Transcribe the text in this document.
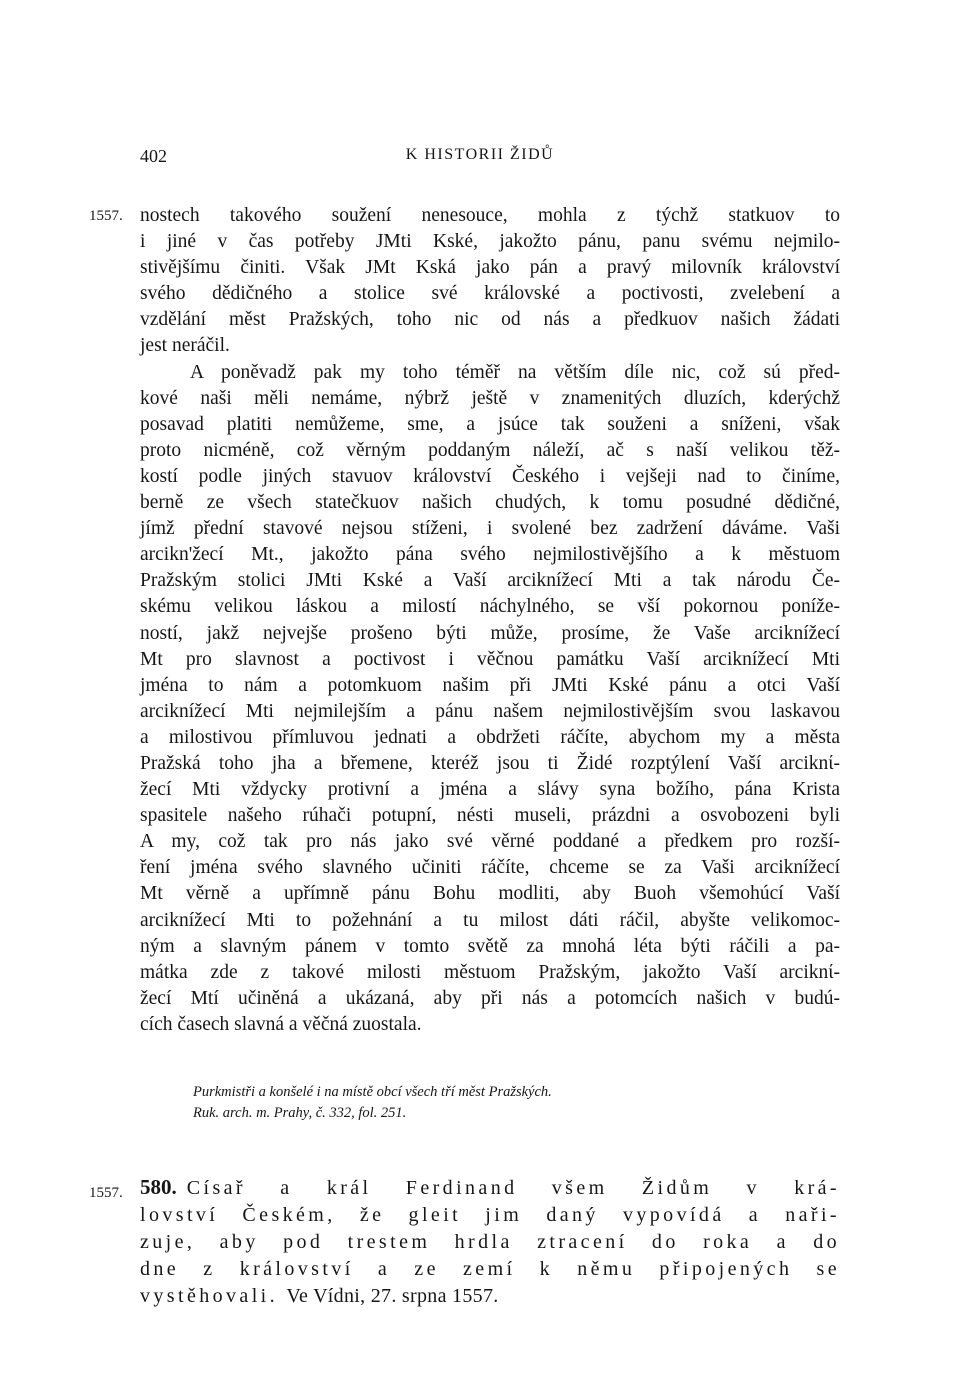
402	K HISTORII ŽIDŮ
1557.
1557.
nostech takového soužení nenesouce, mohla z týchž statkuov to
i jiné v čas potřeby JMti Kské, jakožto pánu, panu svému nejmilo-
stivějšímu činiti. Však JMt Kská jako pán a pravý milovník království
svého dědičného a stolice své královské a poctivosti, zvelebení a
vzdělání měst Pražských, toho nic od nás a předkuov našich žádati
jest neráčil.
A poněvadž pak my toho téměř na větším díle nic, což sú před-
kové naši měli nemáme, nýbrž ještě v znamenitých dluzích, kderýchž
posavad platiti nemůžeme, sme, a jsúce tak souženi a sníženi, však
proto nicméně, což věrným poddaným náleží, ač s naší velikou těž-
kostí podle jiných stavuov království Českého i vejšeji nad to činíme,
berně ze všech statečkuov našich chudých, k tomu posudné dědičné,
jímž přední stavové nejsou stíženi, i svolené bez zadržení dáváme. Vaši
arcikn'žecí Mt., jakožto pána svého nejmilostivějšího a k městuom
Pražským stolici JMti Kské a Vaší arciknížecí Mti a tak národu Če-
skému velikou láskou a milostí náchylného, se vší pokornou poníže-
ností, jakž nejvejše prošeno býti může, prosíme, že Vaše arciknížecí
Mt pro slavnost a poctivost i věčnou památku Vaší arciknížecí Mti
jména to nám a potomkuom našim při JMti Kské pánu a otci Vaší
arciknížecí Mti nejmilejším a pánu našem nejmilostivějším svou laskavou
a milostivou přímluvou jednati a obdržeti ráčíte, abychom my a města
Pražská toho jha a břemene, kteréž jsou ti Židé rozptýlení Vaší arciknί-
žecí Mti vždycky protivní a jména a slávy syna božího, pána Krista
spasitele našeho rúhači potupní, nésti museli, prázdni a osvobozeni byli
A my, což tak pro nás jako své věrné poddané a předkem pro rozší-
ření jména svého slavného učiniti ráčíte, chceme se za Vaši arciknížecí
Mt věrně a upřímně pánu Bohu modliti, aby Buoh všemohúcí Vaší
arciknížecí Mti to požehnání a tu milost dáti ráčil, abyšte velikomoc-
ným a slavným pánem v tomto světě za mnohá léta býti ráčili a pa-
mátka zde z takové milosti městuom Pražským, jakožto Vaší arciknί-
žecí Mtí učiněná a ukázaná, aby při nás a potomcích našich v budú-
cích časech slavná a věčná zuostala.
Purkmistři a konšelé i na místě obcí všech tří měst Pražských.
Ruk. arch. m. Prahy, č. 332, fol. 251.
580. Císař a král Ferdinand všem Židům v krá-
lovství Českém, že gleit jim daný vypovídá a naři-
zuje, aby pod trestem hrdla ztracení do roka a do
dne z království a ze zemí k němu připojených se
vystěhovali. Ve Vídni, 27. srpna 1557.
